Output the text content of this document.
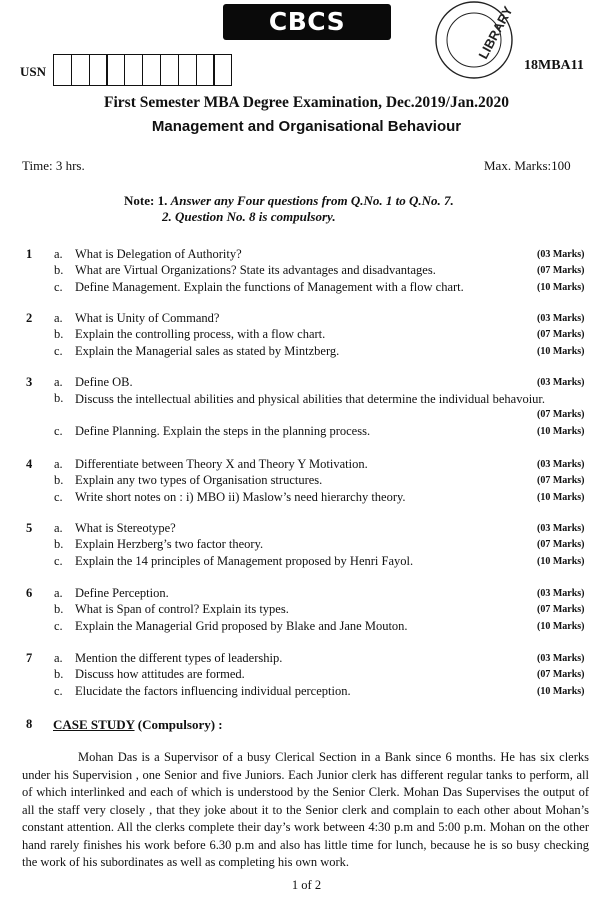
CBCS SCHEME	LIBRARY
USN	18MBA11
First Semester MBA Degree Examination, Dec.2019/Jan.2020
Management and Organisational Behaviour
Time: 3 hrs.	Max. Marks:100
Note: 1. Answer any Four questions from Q.No. 1 to Q.No. 7.
2. Question No. 8 is compulsory.
1 a. What is Delegation of Authority?	(03 Marks)
b. What are Virtual Organizations? State its advantages and disadvantages.	(07 Marks)
c. Define Management. Explain the functions of Management with a flow chart.	(10 Marks)
2 a. What is Unity of Command?	(03 Marks)
b. Explain the controlling process, with a flow chart.	(07 Marks)
c. Explain the Managerial sales as stated by Mintzberg.	(10 Marks)
3 a. Define OB.	(03 Marks)
b. Discuss the intellectual abilities and physical abilities that determine the individual behavoiur.
(07 Marks)
c. Define Planning. Explain the steps in the planning process.	(10 Marks)
4 a. Differentiate between Theory X and Theory Y Motivation.	(03 Marks)
b. Explain any two types of Organisation structures.	(07 Marks)
c. Write short notes on : i) MBO ii) Maslow’s need hierarchy theory.	(10 Marks)
5 a. What is Stereotype?	(03 Marks)
b. Explain Herzberg’s two factor theory.	(07 Marks)
c. Explain the 14 principles of Management proposed by Henri Fayol.	(10 Marks)
6 a. Define Perception.	(03 Marks)
b. What is Span of control? Explain its types.	(07 Marks)
c. Explain the Managerial Grid proposed by Blake and Jane Mouton.	(10 Marks)
7 a. Mention the different types of leadership.	(03 Marks)
b. Discuss how attitudes are formed.	(07 Marks)
c. Elucidate the factors influencing individual perception.	(10 Marks)
8 CASE STUDY (Compulsory) :
Mohan Das is a Supervisor of a busy Clerical Section in a Bank since 6 months. He has six clerks under his Supervision , one Senior and five Juniors. Each Junior clerk has different regular tanks to perform, all of which interlinked and each of which is understood by the Senior Clerk. Mohan Das Supervises the output of all the staff very closely , that they joke about it to the Senior clerk and complain to each other about Mohan’s constant attention. All the clerks complete their day’s work between 4:30 p.m and 5:00 p.m. Mohan on the other hand rarely finishes his work before 6.30 p.m and also has little time for lunch, because he is so busy checking the work of his subordinates as well as completing his own work.
1 of 2
